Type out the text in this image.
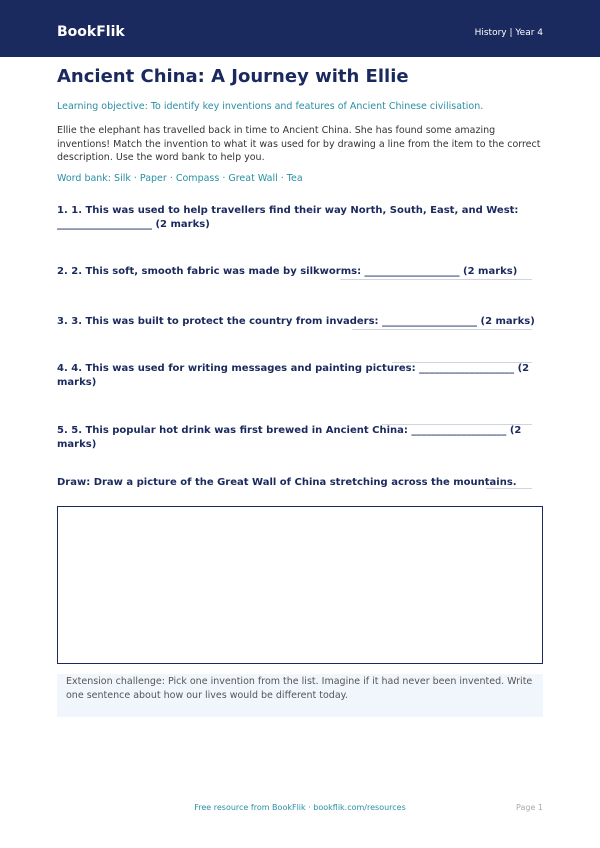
BookFlik	History | Year 4
Ancient China: A Journey with Ellie
Learning objective: To identify key inventions and features of Ancient Chinese civilisation.
Ellie the elephant has travelled back in time to Ancient China. She has found some amazing inventions! Match the invention to what it was used for by drawing a line from the item to the correct description. Use the word bank to help you.
Word bank: Silk · Paper · Compass · Great Wall · Tea
1. 1. This was used to help travellers find their way North, South, East, and West: ___________________ (2 marks)
2. 2. This soft, smooth fabric was made by silkworms: ___________________ (2 marks)
3. 3. This was built to protect the country from invaders: ___________________ (2 marks)
4. 4. This was used for writing messages and painting pictures: ___________________ (2 marks)
5. 5. This popular hot drink was first brewed in Ancient China: ___________________ (2 marks)
Draw: Draw a picture of the Great Wall of China stretching across the mountains.
Extension challenge: Pick one invention from the list. Imagine if it had never been invented. Write one sentence about how our lives would be different today.
Free resource from BookFlik · bookflik.com/resources	Page 1
